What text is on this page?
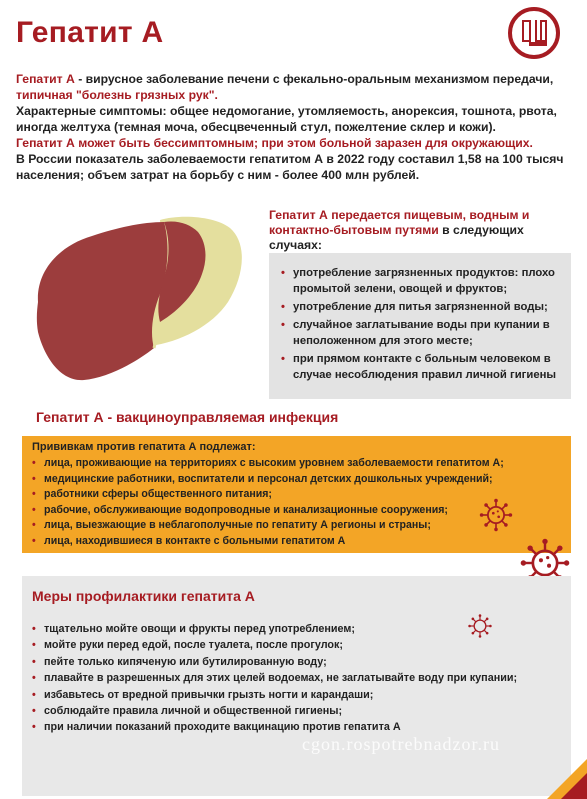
Гепатит А

Гепатит А - вирусное заболевание печени с фекально-оральным механизмом передачи, типичная "болезнь грязных рук".

Характерные симптомы: общее недомогание, утомляемость, анорексия, тошнота, рвота, иногда желтуха (темная моча, обесцвеченный стул, пожелтение склер и кожи).

Гепатит А может быть бессимптомным; при этом больной заразен для окружающих.

В России показатель заболеваемости гепатитом А в 2022 году составил 1,58 на 100 тысяч населения; объем затрат на борьбу с ним - более 400 млн рублей.

Гепатит А передается пищевым, водным и контактно-бытовым путями в следующих случаях:
• употребление загрязненных продуктов: плохо промытой зелени, овощей и фруктов;
• употребление для питья загрязненной воды;
• случайное заглатывание воды при купании в неположенном для этого месте;
• при прямом контакте с больным человеком в случае несоблюдения правил личной гигиены
Гепатит А - вакциноуправляемая инфекция
Прививкам против гепатита А подлежат:
• лица, проживающие на территориях с высоким уровнем заболеваемости гепатитом А;
• медицинские работники, воспитатели и персонал детских дошкольных учреждений;
• работники сферы общественного питания;
• рабочие, обслуживающие водопроводные и канализационные сооружения;
• лица, выезжающие в неблагополучные по гепатиту А регионы и страны;
• лица, находившиеся в контакте с больными гепатитом А
Меры профилактики гепатита А
• тщательно мойте овощи и фрукты перед употреблением;
• мойте руки перед едой, после туалета, после прогулок;
• пейте только кипяченую или бутилированную воду;
• плавайте в разрешенных для этих целей водоемах, не заглатывайте воду при купании;
• избавьтесь от вредной привычки грызть ногти и карандаши;
• соблюдайте правила личной и общественной гигиены;
• при наличии показаний проходите вакцинацию против гепатита А
cgon.rospotrebnadzor.ru
